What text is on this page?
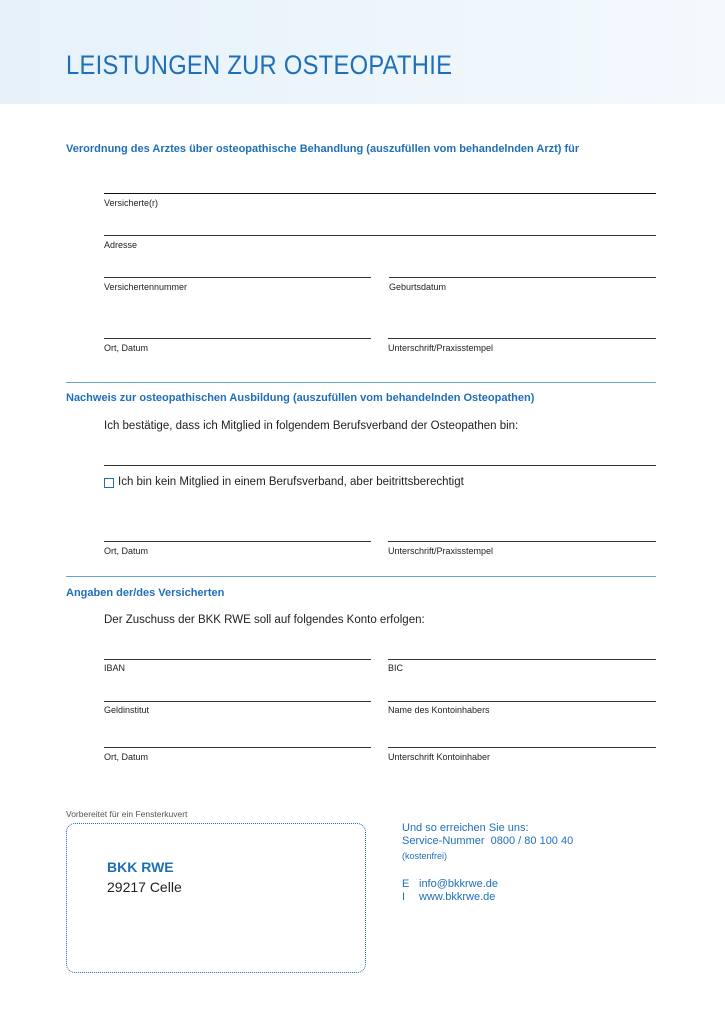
LEISTUNGEN ZUR OSTEOPATHIE
Verordnung des Arztes über osteopathische Behandlung (auszufüllen vom behandelnden Arzt) für
Versicherte(r)
Adresse
Versichertennummer	Geburtsdatum
Ort, Datum	Unterschrift/Praxisstempel
Nachweis zur osteopathischen Ausbildung (auszufüllen vom behandelnden Osteopathen)
Ich bestätige, dass ich Mitglied in folgendem Berufsverband der Osteopathen bin:
Ich bin kein Mitglied in einem Berufsverband, aber beitrittsberechtigt
Ort, Datum	Unterschrift/Praxisstempel
Angaben der/des Versicherten
Der Zuschuss der BKK RWE soll auf folgendes Konto erfolgen:
IBAN	BIC
Geldinstitut	Name des Kontoinhabers
Ort, Datum	Unterschrift Kontoinhaber
Vorbereitet für ein Fensterkuvert
BKK RWE
29217 Celle
Und so erreichen Sie uns:
Service-Nummer 0800 / 80 100 40
(kostenfrei)
E info@bkkrwe.de
I www.bkkrwe.de
